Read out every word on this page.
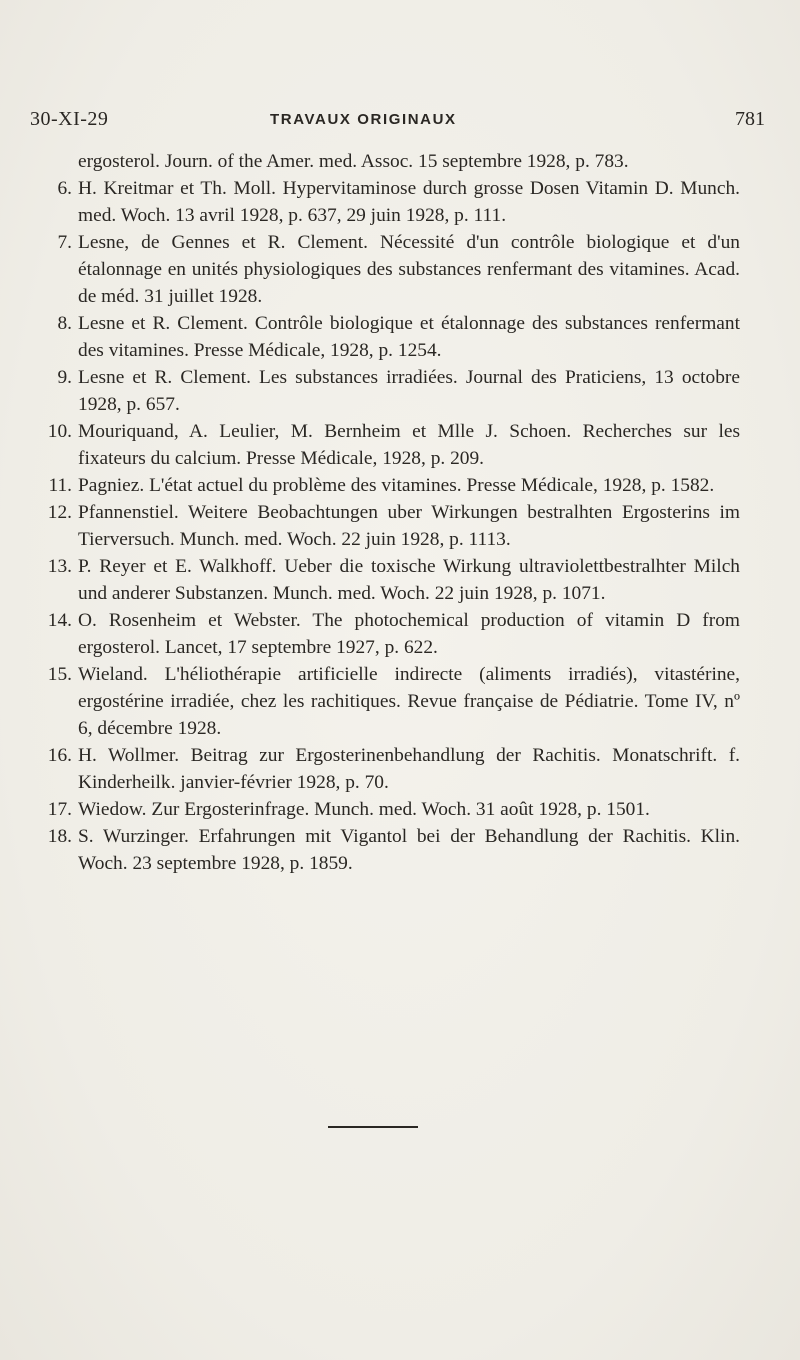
30-XI-29	TRAVAUX ORIGINAUX	781

ergosterol. Journ. of the Amer. med. Assoc. 15 septembre 1928, p. 783.

6. H. Kreitmar et Th. Moll. Hypervitaminose durch grosse Dosen Vitamin D. Munch. med. Woch. 13 avril 1928, p. 637, 29 juin 1928, p. 111.

7. Lesne, de Gennes et R. Clement. Nécessité d'un contrôle biologique et d'un étalonnage en unités physiologiques des substances renfermant des vitamines. Acad. de méd. 31 juillet 1928.

8. Lesne et R. Clement. Contrôle biologique et étalonnage des substances renfermant des vitamines. Presse Médicale, 1928, p. 1254.

9. Lesne et R. Clement. Les substances irradiées. Journal des Praticiens, 13 octobre 1928, p. 657.

10. Mouriquand, A. Leulier, M. Bernheim et Mlle J. Schoen. Recherches sur les fixateurs du calcium. Presse Médicale, 1928, p. 209.

11. Pagniez. L'état actuel du problème des vitamines. Presse Médicale, 1928, p. 1582.

12. Pfannenstiel. Weitere Beobachtungen uber Wirkungen bestralhten Ergosterins im Tierversuch. Munch. med. Woch. 22 juin 1928, p. 1113.

13. P. Reyer et E. Walkhoff. Ueber die toxische Wirkung ultraviolettbestralhter Milch und anderer Substanzen. Munch. med. Woch. 22 juin 1928, p. 1071.

14. O. Rosenheim et Webster. The photochemical production of vitamin D from ergosterol. Lancet, 17 septembre 1927, p. 622.

15. Wieland. L'héliothérapie artificielle indirecte (aliments irradiés), vitastérine, ergostérine irradiée, chez les rachitiques. Revue française de Pédiatrie. Tome IV, nº 6, décembre 1928.

16. H. Wollmer. Beitrag zur Ergosterinenbehandlung der Rachitis. Monatschrift. f. Kinderheilk. janvier-février 1928, p. 70.

17. Wiedow. Zur Ergosterinfrage. Munch. med. Woch. 31 août 1928, p. 1501.

18. S. Wurzinger. Erfahrungen mit Vigantol bei der Behandlung der Rachitis. Klin. Woch. 23 septembre 1928, p. 1859.
